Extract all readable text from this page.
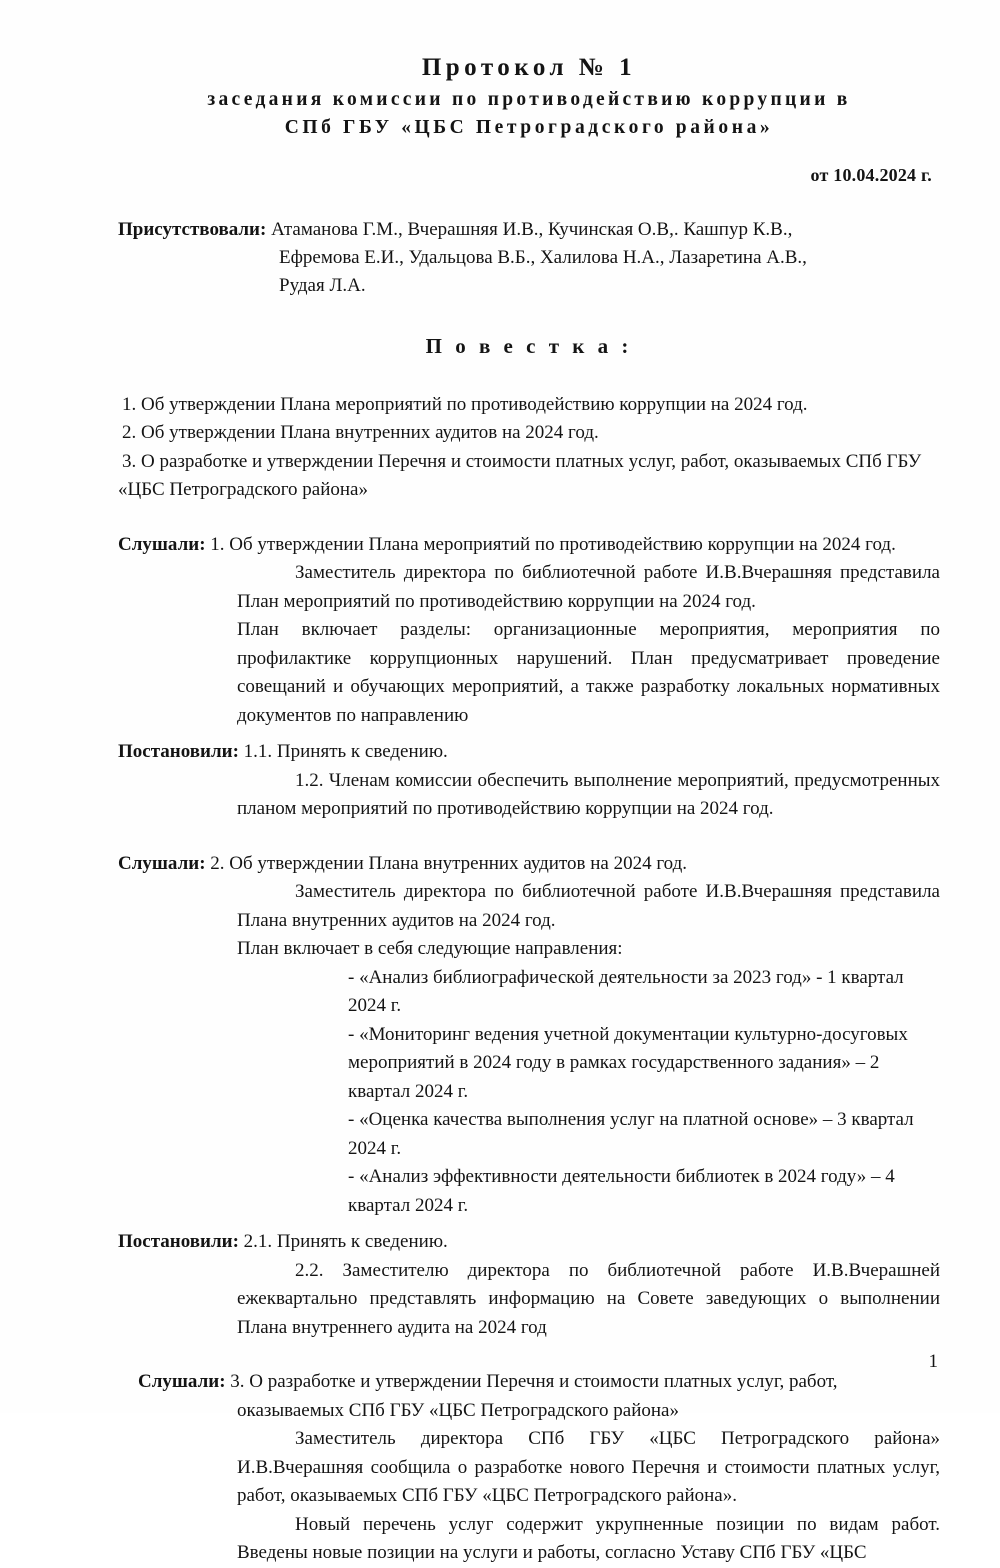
Протокол № 1
заседания комиссии по противодействию коррупции в
СПб ГБУ «ЦБС Петроградского района»
от 10.04.2024 г.
Присутствовали: Атаманова Г.М., Вчерашняя И.В., Кучинская О.В,. Кашпур К.В.,
Ефремова Е.И., Удальцова В.Б., Халилова Н.А., Лазаретина А.В.,
Рудая Л.А.
П о в е с т к а :
1. Об утверждении Плана мероприятий по противодействию коррупции на 2024 год.
2. Об утверждении Плана внутренних аудитов на 2024 год.
3. О разработке и утверждении Перечня и стоимости платных услуг, работ, оказываемых СПб ГБУ «ЦБС Петроградского района»
Слушали: 1. Об утверждении Плана мероприятий по противодействию коррупции на 2024 год.
Заместитель директора по библиотечной работе И.В.Вчерашняя представила План мероприятий по противодействию коррупции на 2024 год.
План включает разделы: организационные мероприятия, мероприятия по профилактике коррупционных нарушений. План предусматривает проведение совещаний и обучающих мероприятий, а также разработку локальных нормативных документов по направлению
Постановили: 1.1. Принять к сведению.
1.2. Членам комиссии обеспечить выполнение мероприятий, предусмотренных планом мероприятий по противодействию коррупции на 2024 год.
Слушали: 2. Об утверждении Плана внутренних аудитов на 2024 год.
Заместитель директора по библиотечной работе И.В.Вчерашняя представила Плана внутренних аудитов на 2024 год.
План включает в себя следующие направления:
- «Анализ библиографической деятельности за 2023 год» - 1 квартал 2024 г.
- «Мониторинг ведения учетной документации культурно-досуговых мероприятий в 2024 году в рамках государственного задания» – 2 квартал 2024 г.
- «Оценка качества выполнения услуг на платной основе» – 3 квартал 2024 г.
- «Анализ эффективности деятельности библиотек в 2024 году» – 4 квартал 2024 г.
Постановили: 2.1. Принять к сведению.
2.2. Заместителю директора по библиотечной работе И.В.Вчерашней ежеквартально представлять информацию на Совете заведующих о выполнении Плана внутреннего аудита на 2024 год
Слушали: 3. О разработке и утверждении Перечня и стоимости платных услуг, работ,
оказываемых СПб ГБУ «ЦБС Петроградского района»
Заместитель директора СПб ГБУ «ЦБС Петроградского района» И.В.Вчерашняя сообщила о разработке нового Перечня и стоимости платных услуг, работ, оказываемых СПб ГБУ «ЦБС Петроградского района».
Новый перечень услуг содержит укрупненные позиции по видам работ. Введены новые позиции на услуги и работы, согласно Уставу СПб ГБУ «ЦБС
1
